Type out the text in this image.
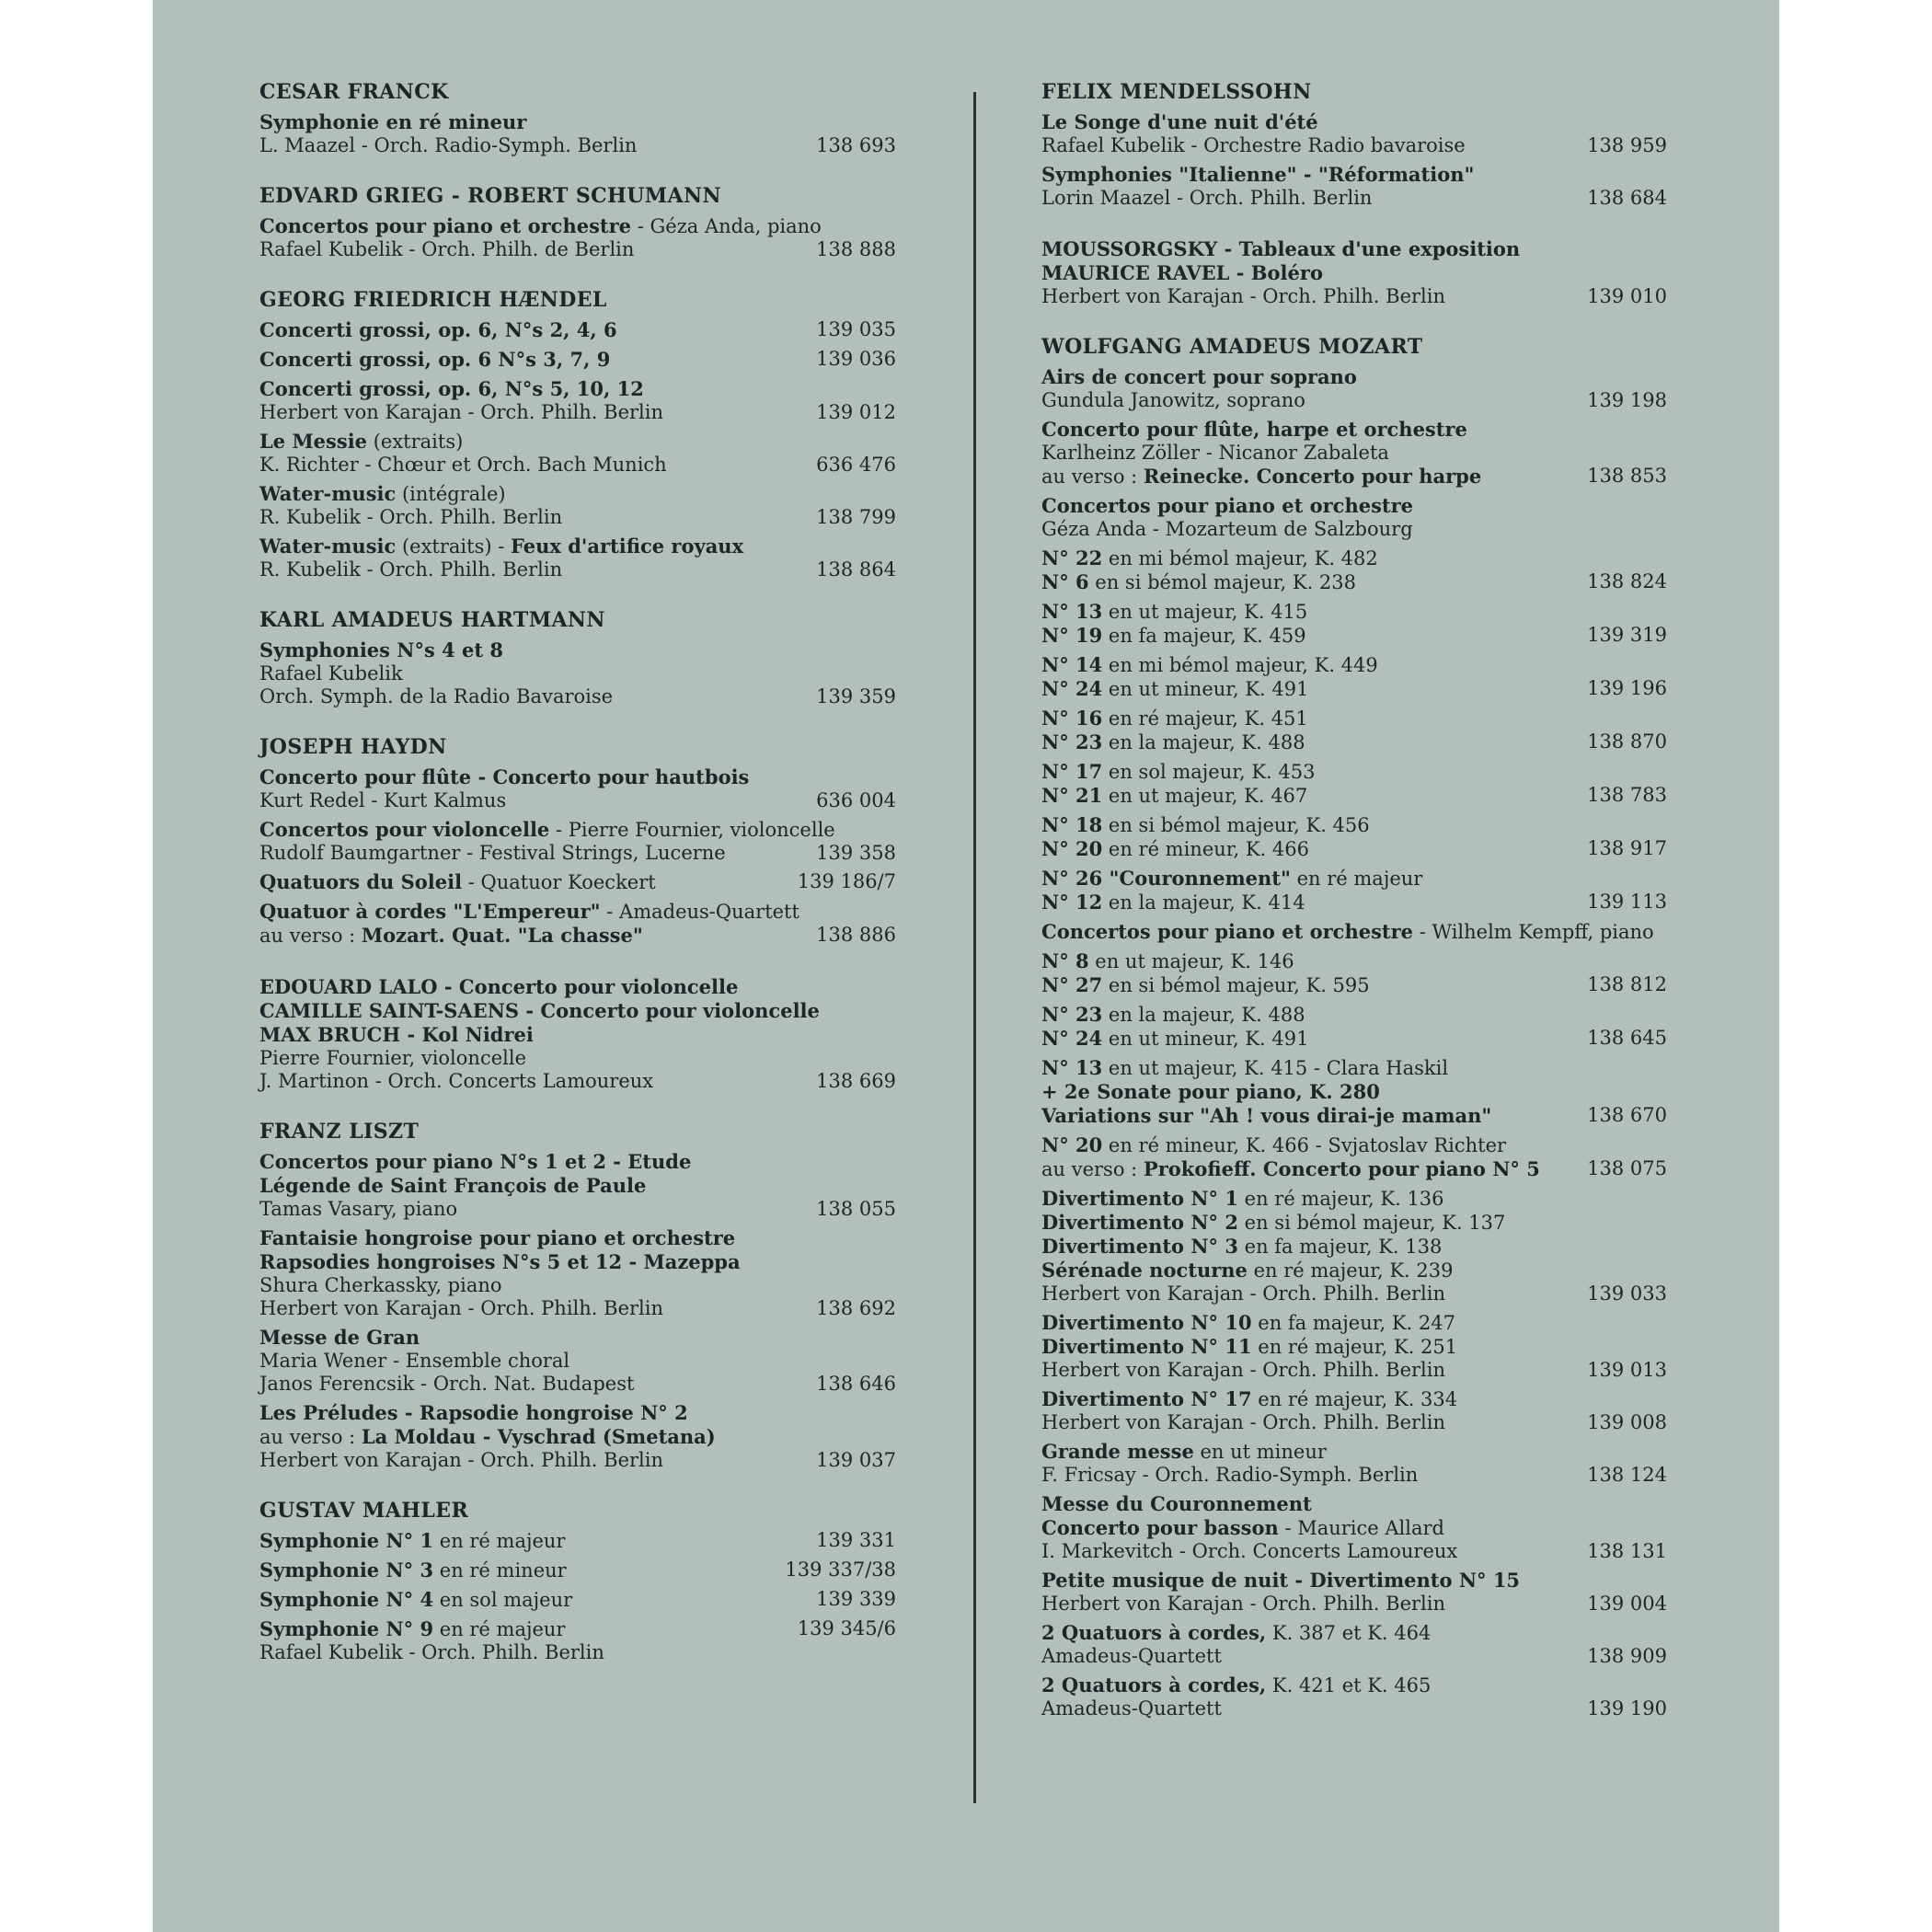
CESAR FRANCK
Symphonie en ré mineur
L. Maazel - Orch. Radio-Symph. Berlin	138 693
EDVARD GRIEG - ROBERT SCHUMANN
Concertos pour piano et orchestre - Géza Anda, piano
Rafael Kubelik - Orch. Philh. de Berlin	138 888
GEORG FRIEDRICH HÆNDEL
Concerti grossi, op. 6, N°s 2, 4, 6	139 035
Concerti grossi, op. 6 N°s 3, 7, 9	139 036
Concerti grossi, op. 6, N°s 5, 10, 12
Herbert von Karajan - Orch. Philh. Berlin	139 012
Le Messie (extraits)
K. Richter - Chœur et Orch. Bach Munich	636 476
Water-music (intégrale)
R. Kubelik - Orch. Philh. Berlin	138 799
Water-music (extraits) - Feux d'artifice royaux
R. Kubelik - Orch. Philh. Berlin	138 864
KARL AMADEUS HARTMANN
Symphonies N°s 4 et 8
Rafael Kubelik
Orch. Symph. de la Radio Bavaroise	139 359
JOSEPH HAYDN
Concerto pour flûte - Concerto pour hautbois
Kurt Redel - Kurt Kalmus	636 004
Concertos pour violoncelle - Pierre Fournier, violoncelle
Rudolf Baumgartner - Festival Strings, Lucerne	139 358
Quatuors du Soleil - Quatuor Koeckert	139 186/7
Quatuor à cordes "L'Empereur" - Amadeus-Quartett
au verso : Mozart. Quat. "La chasse"	138 886
EDOUARD LALO - Concerto pour violoncelle
CAMILLE SAINT-SAENS - Concerto pour violoncelle
MAX BRUCH - Kol Nidrei
Pierre Fournier, violoncelle
J. Martinon - Orch. Concerts Lamoureux	138 669
FRANZ LISZT
Concertos pour piano N°s 1 et 2 - Etude
Légende de Saint François de Paule
Tamas Vasary, piano	138 055
Fantaisie hongroise pour piano et orchestre
Rapsodies hongroises N°s 5 et 12 - Mazeppa
Shura Cherkassky, piano
Herbert von Karajan - Orch. Philh. Berlin	138 692
Messe de Gran
Maria Wener - Ensemble choral
Janos Ferencsik - Orch. Nat. Budapest	138 646
Les Préludes - Rapsodie hongroise N° 2
au verso : La Moldau - Vyschrad (Smetana)
Herbert von Karajan - Orch. Philh. Berlin	139 037
GUSTAV MAHLER
Symphonie N° 1 en ré majeur	139 331
Symphonie N° 3 en ré mineur	139 337/38
Symphonie N° 4 en sol majeur	139 339
Symphonie N° 9 en ré majeur	139 345/6
Rafael Kubelik - Orch. Philh. Berlin
FELIX MENDELSSOHN
Le Songe d'une nuit d'été
Rafael Kubelik - Orchestre Radio bavaroise	138 959
Symphonies "Italienne" - "Réformation"
Lorin Maazel - Orch. Philh. Berlin	138 684
MOUSSORGSKY - Tableaux d'une exposition
MAURICE RAVEL - Boléro
Herbert von Karajan - Orch. Philh. Berlin	139 010
WOLFGANG AMADEUS MOZART
Airs de concert pour soprano
Gundula Janowitz, soprano	139 198
Concerto pour flûte, harpe et orchestre
Karlheinz Zöller - Nicanor Zabaleta
au verso : Reinecke. Concerto pour harpe	138 853
Concertos pour piano et orchestre
Géza Anda - Mozarteum de Salzbourg
N° 22 en mi bémol majeur, K. 482
N° 6 en si bémol majeur, K. 238	138 824
N° 13 en ut majeur, K. 415
N° 19 en fa majeur, K. 459	139 319
N° 14 en mi bémol majeur, K. 449
N° 24 en ut mineur, K. 491	139 196
N° 16 en ré majeur, K. 451
N° 23 en la majeur, K. 488	138 870
N° 17 en sol majeur, K. 453
N° 21 en ut majeur, K. 467	138 783
N° 18 en si bémol majeur, K. 456
N° 20 en ré mineur, K. 466	138 917
N° 26 "Couronnement" en ré majeur
N° 12 en la majeur, K. 414	139 113
Concertos pour piano et orchestre - Wilhelm Kempff, piano
N° 8 en ut majeur, K. 146
N° 27 en si bémol majeur, K. 595	138 812
N° 23 en la majeur, K. 488
N° 24 en ut mineur, K. 491	138 645
N° 13 en ut majeur, K. 415 - Clara Haskil
+ 2e Sonate pour piano, K. 280
Variations sur "Ah ! vous dirai-je maman"	138 670
N° 20 en ré mineur, K. 466 - Svjatoslav Richter
au verso : Prokofieff. Concerto pour piano N° 5	138 075
Divertimento N° 1 en ré majeur, K. 136
Divertimento N° 2 en si bémol majeur, K. 137
Divertimento N° 3 en fa majeur, K. 138
Sérénade nocturne en ré majeur, K. 239
Herbert von Karajan - Orch. Philh. Berlin	139 033
Divertimento N° 10 en fa majeur, K. 247
Divertimento N° 11 en ré majeur, K. 251
Herbert von Karajan - Orch. Philh. Berlin	139 013
Divertimento N° 17 en ré majeur, K. 334
Herbert von Karajan - Orch. Philh. Berlin	139 008
Grande messe en ut mineur
F. Fricsay - Orch. Radio-Symph. Berlin	138 124
Messe du Couronnement
Concerto pour basson - Maurice Allard
I. Markevitch - Orch. Concerts Lamoureux	138 131
Petite musique de nuit - Divertimento N° 15
Herbert von Karajan - Orch. Philh. Berlin	139 004
2 Quatuors à cordes, K. 387 et K. 464
Amadeus-Quartett	138 909
2 Quatuors à cordes, K. 421 et K. 465
Amadeus-Quartett	139 190
